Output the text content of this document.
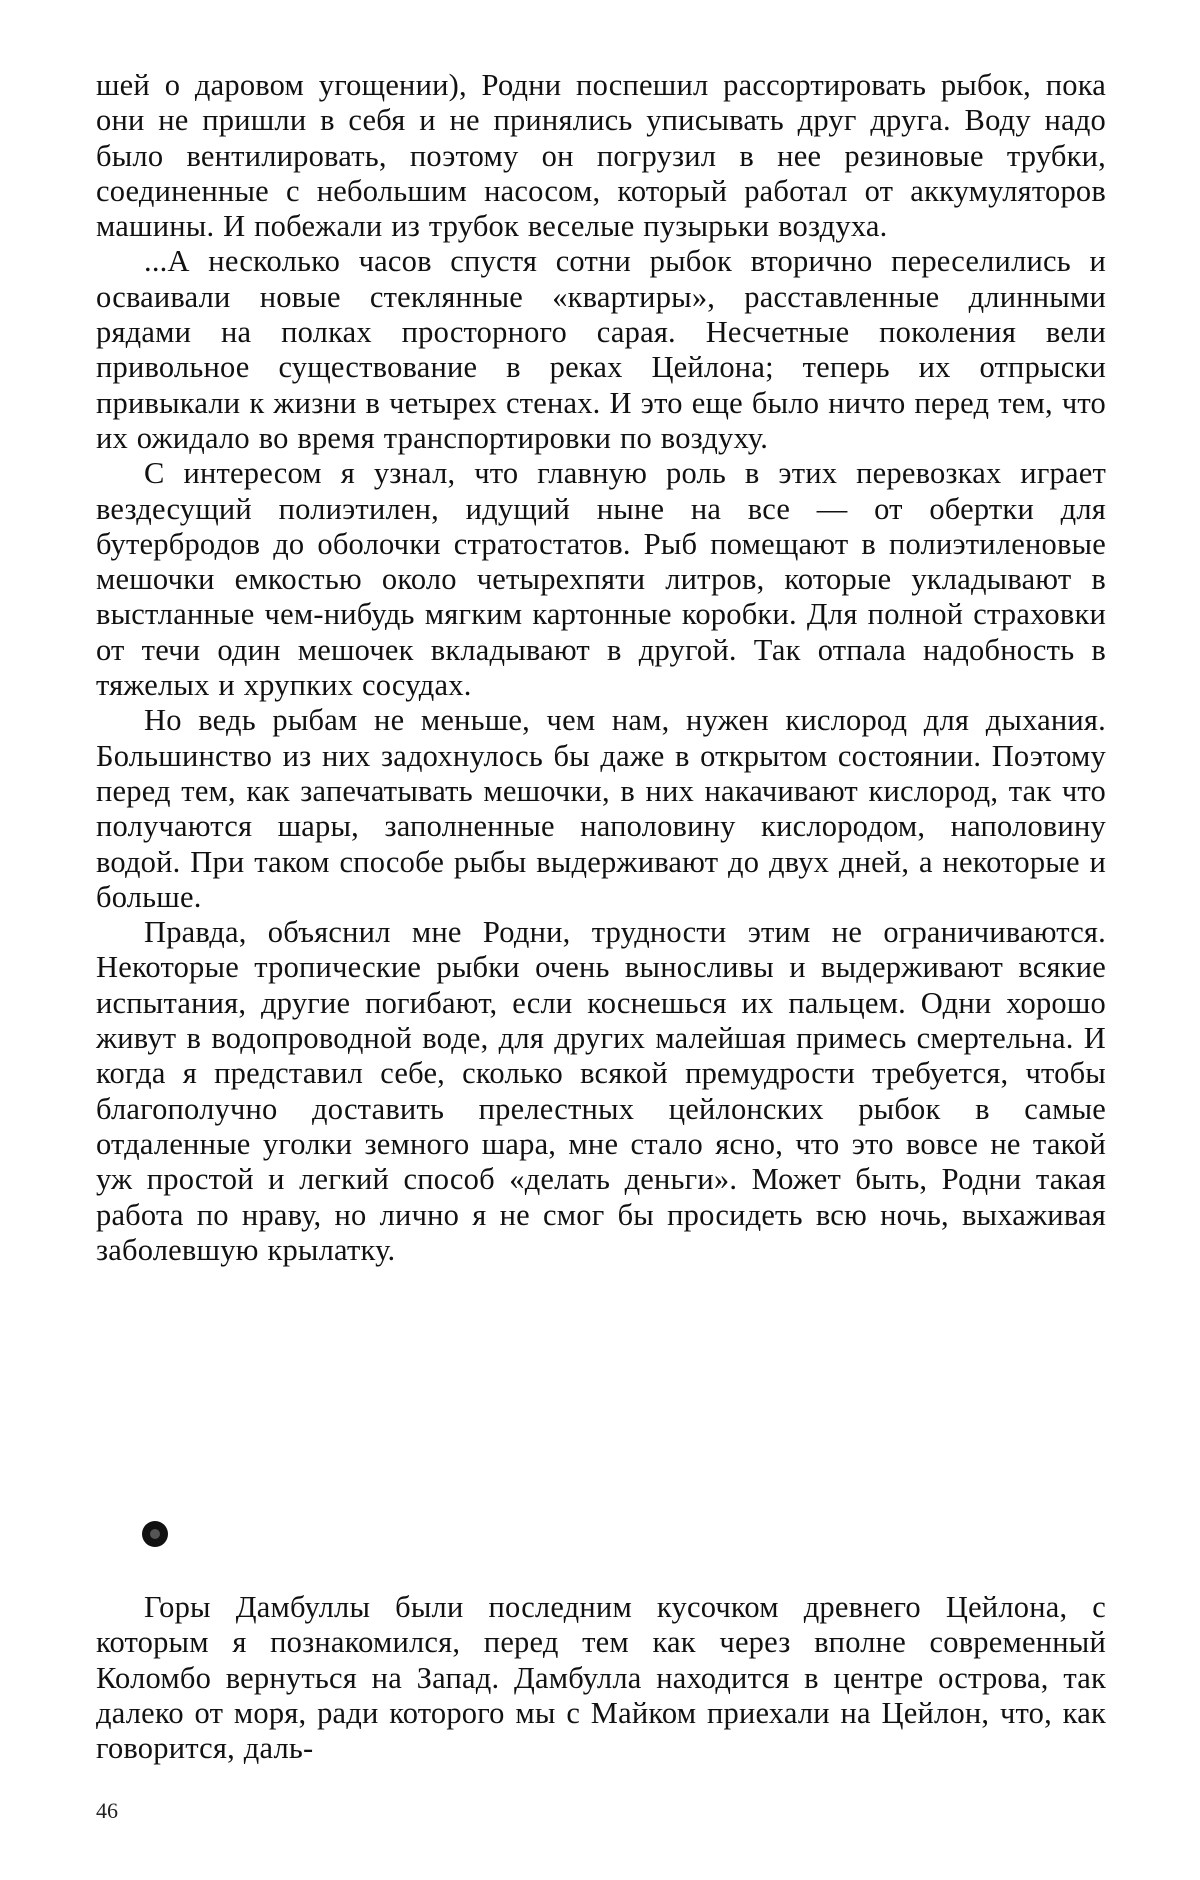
шей о даровом угощении), Родни поспешил рассортировать рыбок, пока они не пришли в себя и не принялись уписывать друг друга. Воду надо было вентилировать, поэтому он погрузил в нее резиновые трубки, соединенные с небольшим насосом, который работал от аккумуляторов машины. И побежали из трубок веселые пузырьки воздуха.

...А несколько часов спустя сотни рыбок вторично переселились и осваивали новые стеклянные «квартиры», расставленные длинными рядами на полках просторного сарая. Несчетные поколения вели привольное существование в реках Цейлона; теперь их отпрыски привыкали к жизни в четырех стенах. И это еще было ничто перед тем, что их ожидало во время транспортировки по воздуху.

С интересом я узнал, что главную роль в этих перевозках играет вездесущий полиэтилен, идущий ныне на все — от обертки для бутербродов до оболочки стратостатов. Рыб помещают в полиэтиленовые мешочки емкостью около четырехпяти литров, которые укладывают в выстланные чем-нибудь мягким картонные коробки. Для полной страховки от течи один мешочек вкладывают в другой. Так отпала надобность в тяжелых и хрупких сосудах.

Но ведь рыбам не меньше, чем нам, нужен кислород для дыхания. Большинство из них задохнулось бы даже в открытом состоянии. Поэтому перед тем, как запечатывать мешочки, в них накачивают кислород, так что получаются шары, заполненные наполовину кислородом, наполовину водой. При таком способе рыбы выдерживают до двух дней, а некоторые и больше.

Правда, объяснил мне Родни, трудности этим не ограничиваются. Некоторые тропические рыбки очень выносливы и выдерживают всякие испытания, другие погибают, если коснешься их пальцем. Одни хорошо живут в водопроводной воде, для других малейшая примесь смертельна. И когда я представил себе, сколько всякой премудрости требуется, чтобы благополучно доставить прелестных цейлонских рыбок в самые отдаленные уголки земного шара, мне стало ясно, что это вовсе не такой уж простой и легкий способ «делать деньги». Может быть, Родни такая работа по нраву, но лично я не смог бы просидеть всю ночь, выхаживая заболевшую крылатку.

Горы Дамбуллы были последним кусочком древнего Цейлона, с которым я познакомился, перед тем как через вполне современный Коломбо вернуться на Запад. Дамбулла находится в центре острова, так далеко от моря, ради которого мы с Майком приехали на Цейлон, что, как говорится, даль-

46
